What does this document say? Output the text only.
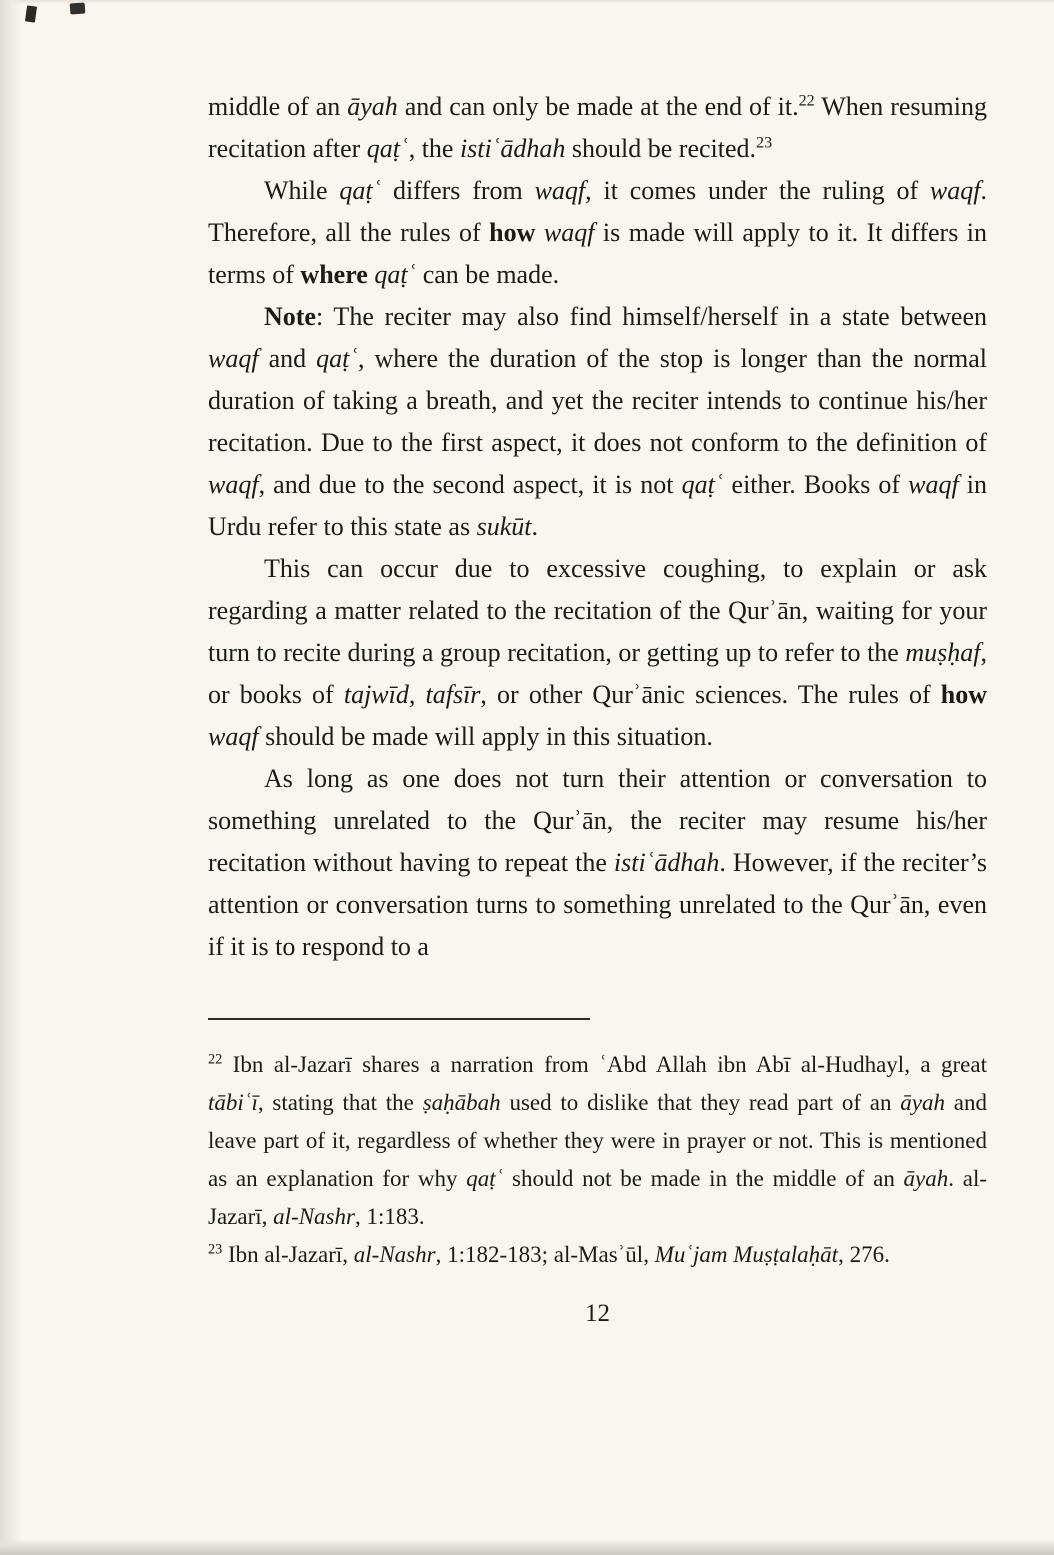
middle of an āyah and can only be made at the end of it.$^{22}$ When resuming recitation after qaṭʿ, the istiʿādhah should be recited.$^{23}$

While qaṭʿ differs from waqf, it comes under the ruling of waqf. Therefore, all the rules of how waqf is made will apply to it. It differs in terms of where qaṭʿ can be made.

Note: The reciter may also find himself/herself in a state between waqf and qaṭʿ, where the duration of the stop is longer than the normal duration of taking a breath, and yet the reciter intends to continue his/her recitation. Due to the first aspect, it does not conform to the definition of waqf, and due to the second aspect, it is not qaṭʿ either. Books of waqf in Urdu refer to this state as sukūt.

This can occur due to excessive coughing, to explain or ask regarding a matter related to the recitation of the Qurʾān, waiting for your turn to recite during a group recitation, or getting up to refer to the muṣḥaf, or books of tajwīd, tafsīr, or other Qurʾānic sciences. The rules of how waqf should be made will apply in this situation.

As long as one does not turn their attention or conversation to something unrelated to the Qurʾān, the reciter may resume his/her recitation without having to repeat the istiʿādhah. However, if the reciter’s attention or conversation turns to something unrelated to the Qurʾān, even if it is to respond to a

$^{22}$ Ibn al-Jazarī shares a narration from ʿAbd Allah ibn Abī al-Hudhayl, a great tābiʿī, stating that the ṣaḥābah used to dislike that they read part of an āyah and leave part of it, regardless of whether they were in prayer or not. This is mentioned as an explanation for why qaṭʿ should not be made in the middle of an āyah. al-Jazarī, al-Nashr, 1:183.

$^{23}$ Ibn al-Jazarī, al-Nashr, 1:182-183; al-Masʾūl, Muʿjam Muṣṭalaḥāt, 276.

12
